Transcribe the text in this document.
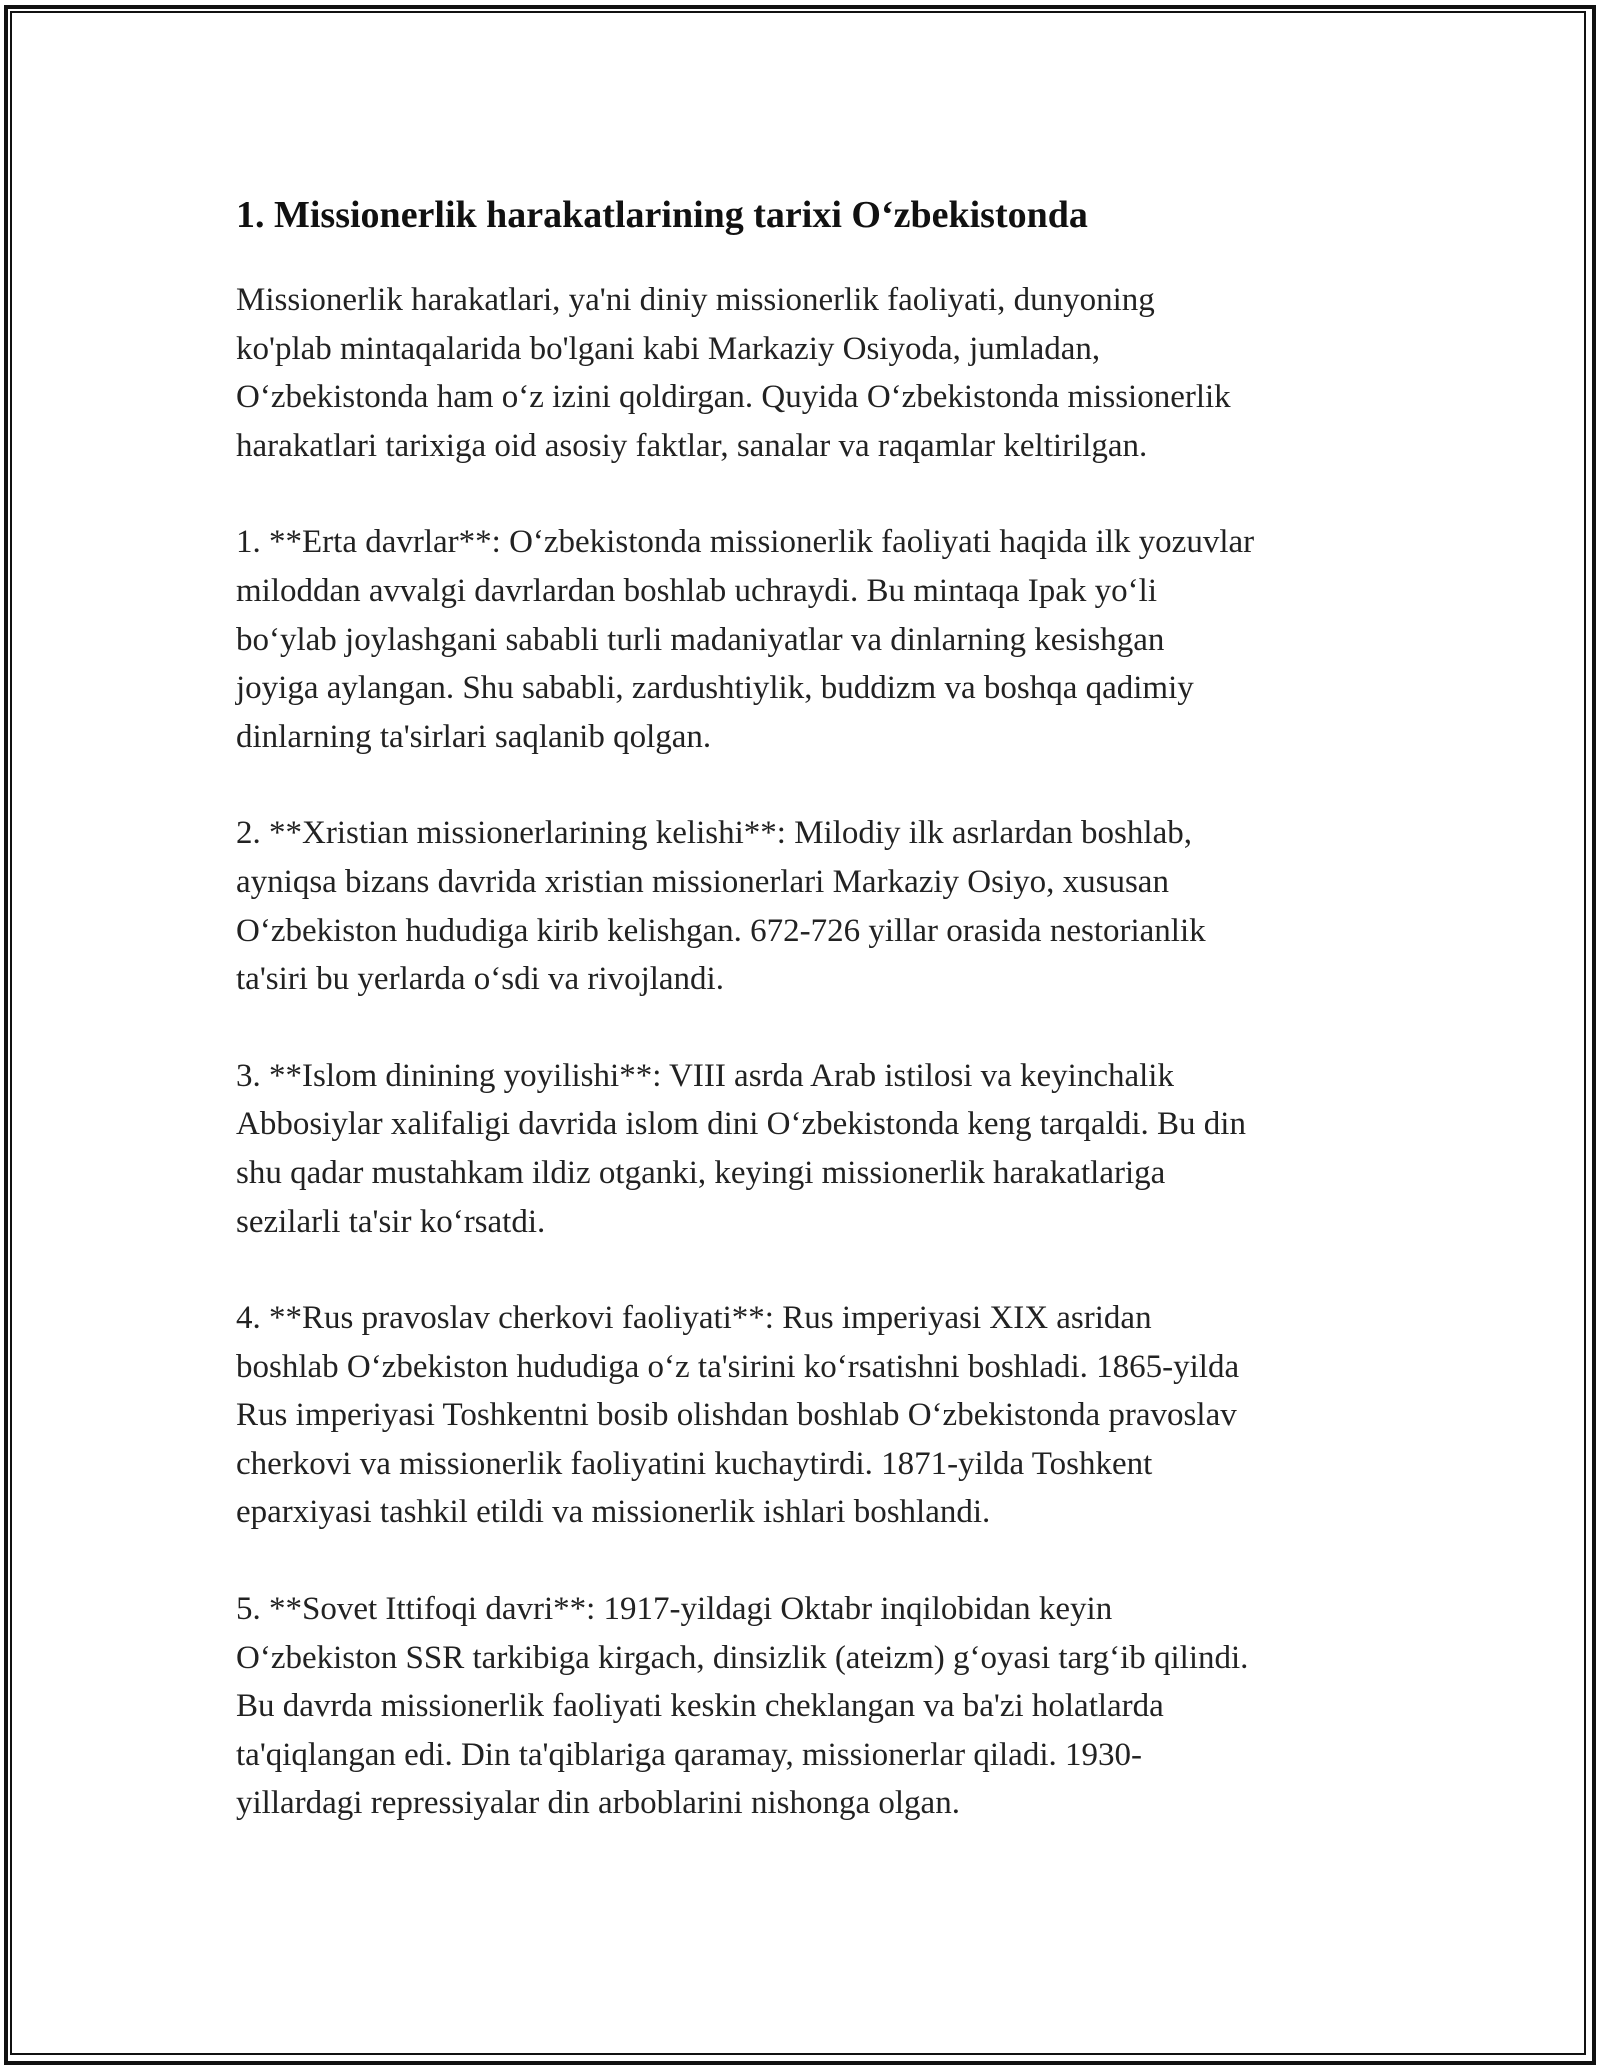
1. Missionerlik harakatlarining tarixi O‘zbekistonda

Missionerlik harakatlari, ya'ni diniy missionerlik faoliyati, dunyoning
ko'plab mintaqalarida bo'lgani kabi Markaziy Osiyoda, jumladan,
O‘zbekistonda ham o‘z izini qoldirgan. Quyida O‘zbekistonda missionerlik
harakatlari tarixiga oid asosiy faktlar, sanalar va raqamlar keltirilgan.

1. **Erta davrlar**: O‘zbekistonda missionerlik faoliyati haqida ilk yozuvlar
miloddan avvalgi davrlardan boshlab uchraydi. Bu mintaqa Ipak yo‘li
bo‘ylab joylashgani sababli turli madaniyatlar va dinlarning kesishgan
joyiga aylangan. Shu sababli, zardushtiylik, buddizm va boshqa qadimiy
dinlarning ta'sirlari saqlanib qolgan.

2. **Xristian missionerlarining kelishi**: Milodiy ilk asrlardan boshlab,
ayniqsa bizans davrida xristian missionerlari Markaziy Osiyo, xususan
O‘zbekiston hududiga kirib kelishgan. 672-726 yillar orasida nestorianlik
ta'siri bu yerlarda o‘sdi va rivojlandi.

3. **Islom dinining yoyilishi**: VIII asrda Arab istilosi va keyinchalik
Abbosiylar xalifaligi davrida islom dini O‘zbekistonda keng tarqaldi. Bu din
shu qadar mustahkam ildiz otganki, keyingi missionerlik harakatlariga
sezilarli ta'sir ko‘rsatdi.

4. **Rus pravoslav cherkovi faoliyati**: Rus imperiyasi XIX asridan
boshlab O‘zbekiston hududiga o‘z ta'sirini ko‘rsatishni boshladi. 1865-yilda
Rus imperiyasi Toshkentni bosib olishdan boshlab O‘zbekistonda pravoslav
cherkovi va missionerlik faoliyatini kuchaytirdi. 1871-yilda Toshkent
eparxiyasi tashkil etildi va missionerlik ishlari boshlandi.

5. **Sovet Ittifoqi davri**: 1917-yildagi Oktabr inqilobidan keyin
O‘zbekiston SSR tarkibiga kirgach, dinsizlik (ateizm) g‘oyasi targ‘ib qilindi.
Bu davrda missionerlik faoliyati keskin cheklangan va ba'zi holatlarda
ta'qiqlangan edi. Din ta'qiblariga qaramay, missionerlar qiladi. 1930-
yillardagi repressiyalar din arboblarini nishonga olgan.
